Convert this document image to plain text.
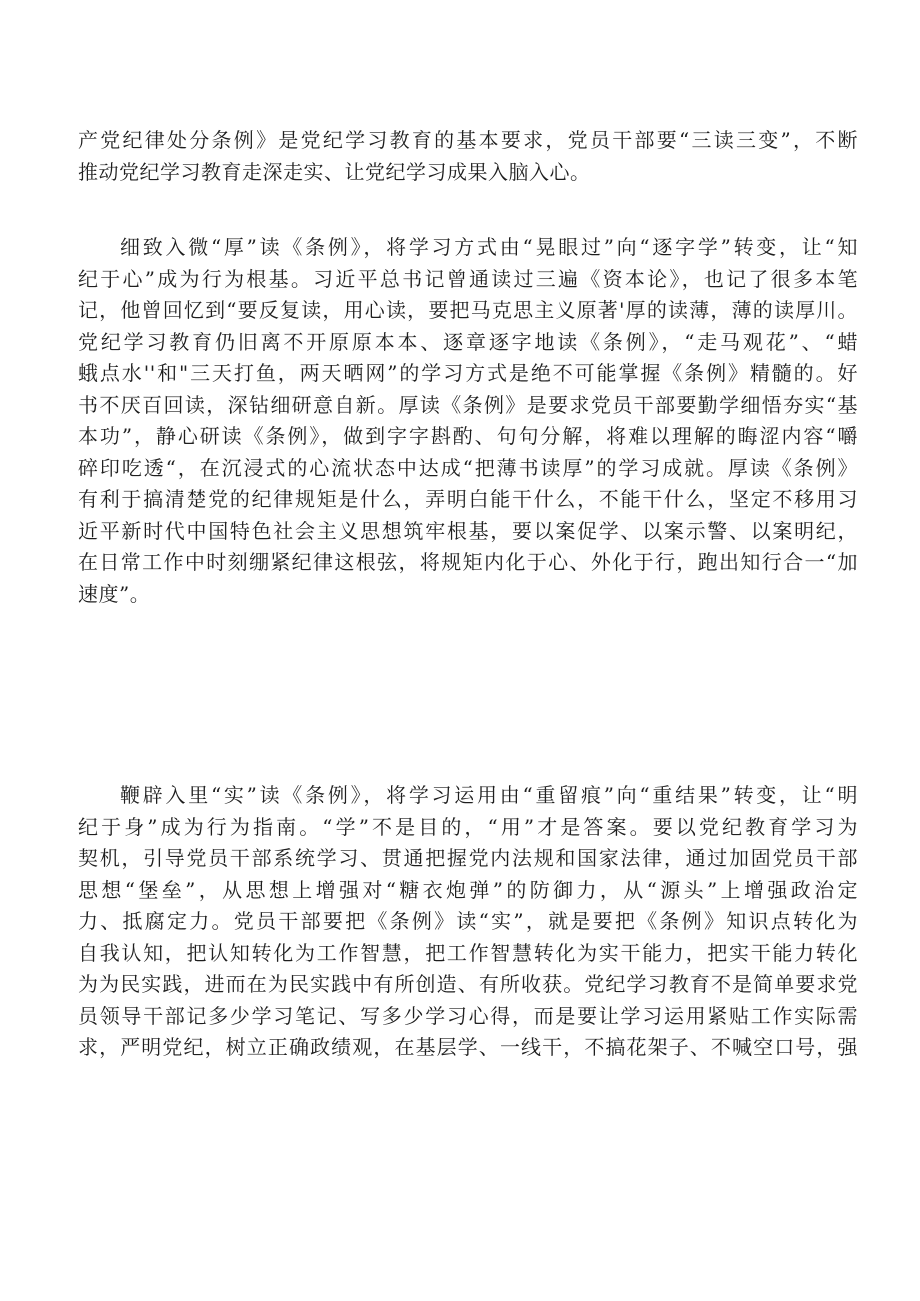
产党纪律处分条例》是党纪学习教育的基本要求，党员干部要“三读三变”，不断
推动党纪学习教育走深走实、让党纪学习成果入脑入心。

细致入微“厚”读《条例》，将学习方式由“晃眼过”向“逐字学”转变，让“知
纪于心”成为行为根基。习近平总书记曾通读过三遍《资本论》，也记了很多本笔
记，他曾回忆到“要反复读，用心读，要把马克思主义原著'厚的读薄，薄的读厚川。
党纪学习教育仍旧离不开原原本本、逐章逐字地读《条例》，“走马观花”、“蜡
蛾点水''和"三天打鱼，两天晒网”的学习方式是绝不可能掌握《条例》精髓的。好
书不厌百回读，深钻细研意自新。厚读《条例》是要求党员干部要勤学细悟夯实“基
本功”，静心研读《条例》，做到字字斟酌、句句分解，将难以理解的晦涩内容“嚼
碎印吃透“，在沉浸式的心流状态中达成“把薄书读厚”的学习成就。厚读《条例》
有利于搞清楚党的纪律规矩是什么，弄明白能干什么，不能干什么，坚定不移用习
近平新时代中国特色社会主义思想筑牢根基，要以案促学、以案示警、以案明纪，
在日常工作中时刻绷紧纪律这根弦，将规矩内化于心、外化于行，跑出知行合一“加
速度”。

鞭辟入里“实”读《条例》，将学习运用由“重留痕”向“重结果”转变，让“明
纪于身”成为行为指南。“学”不是目的，“用”才是答案。要以党纪教育学习为
契机，引导党员干部系统学习、贯通把握党内法规和国家法律，通过加固党员干部
思想“堡垒”，从思想上增强对“糖衣炮弹”的防御力，从“源头”上增强政治定
力、抵腐定力。党员干部要把《条例》读“实”，就是要把《条例》知识点转化为
自我认知，把认知转化为工作智慧，把工作智慧转化为实干能力，把实干能力转化
为为民实践，进而在为民实践中有所创造、有所收获。党纪学习教育不是简单要求党
员领导干部记多少学习笔记、写多少学习心得，而是要让学习运用紧贴工作实际需
求，严明党纪，树立正确政绩观，在基层学、一线干，不搞花架子、不喊空口号，强
